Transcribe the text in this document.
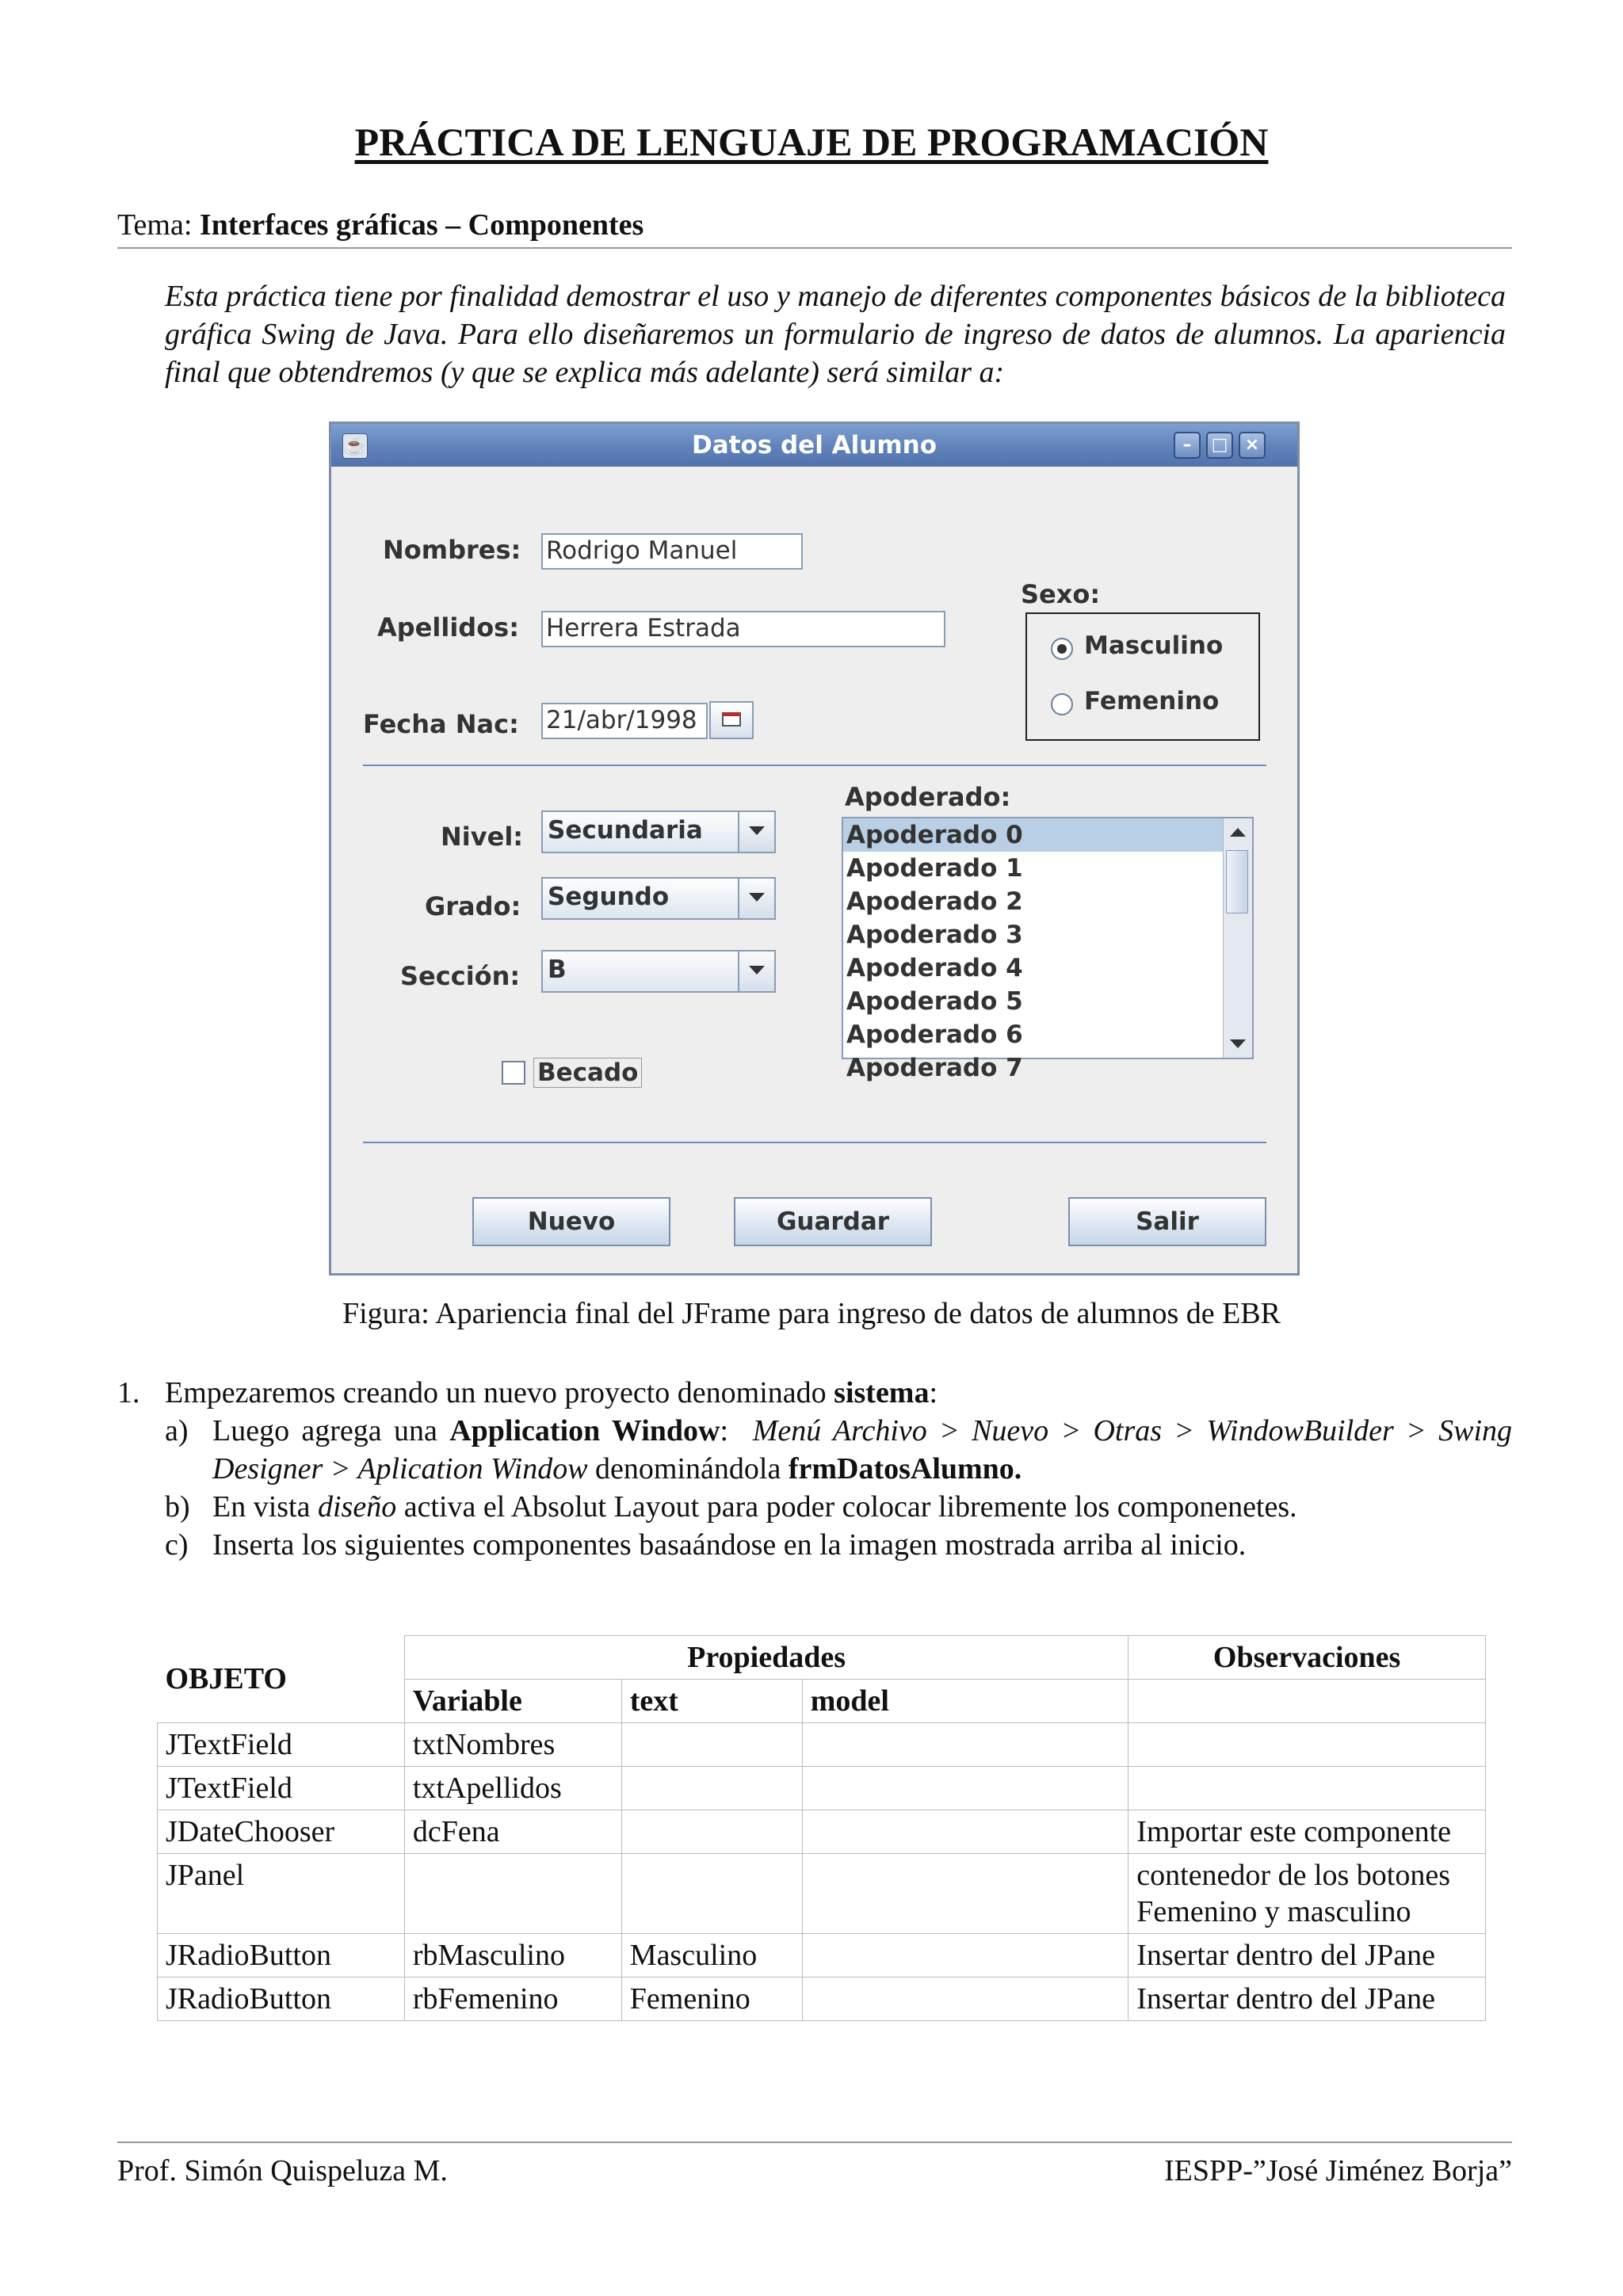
PRÁCTICA DE LENGUAJE DE PROGRAMACIÓN
Tema: Interfaces gráficas – Componentes
Esta práctica tiene por finalidad demostrar el uso y manejo de diferentes componentes básicos de la biblioteca gráfica Swing de Java. Para ello diseñaremos un formulario de ingreso de datos de alumnos. La apariencia final que obtendremos (y que se explica más adelante) será similar a:
Datos del Alumno
☕	–	□ ×
Nombres:
Apellidos:
Fecha Nac:
Rodrigo Manuel
Herrera Estrada
21/abr/1998
Sexo:
Masculino
Femenino
Nivel:
Grado:
Sección:
Secundaria
Segundo
B
Becado
Apoderado:
Apoderado 0
Apoderado 1
Apoderado 2
Apoderado 3
Apoderado 4
Apoderado 5
Apoderado 6
Apoderado 7
Nuevo	Guardar	Salir
Figura: Apariencia final del JFrame para ingreso de datos de alumnos de EBR
1. Empezaremos creando un nuevo proyecto denominado sistema:
a) Luego agrega una Application Window: Menú Archivo > Nuevo > Otras > WindowBuilder > Swing Designer > Aplication Window denominándola frmDatosAlumno.
b) En vista diseño activa el Absolut Layout para poder colocar libremente los componenetes.
c) Inserta los siguientes componentes basaándose en la imagen mostrada arriba al inicio.
OBJETO	Propiedades			Observaciones
	Variable	text	model	
JTextField	txtNombres			
JTextField	txtApellidos			
JDateChooser	dcFena			Importar este componente
JPanel				contenedor de los botones Femenino y masculino
JRadioButton	rbMasculino	Masculino		Insertar dentro del JPane
JRadioButton	rbFemenino	Femenino		Insertar dentro del JPane
Prof. Simón Quispeluza M.	IESPP-”José Jiménez Borja”
